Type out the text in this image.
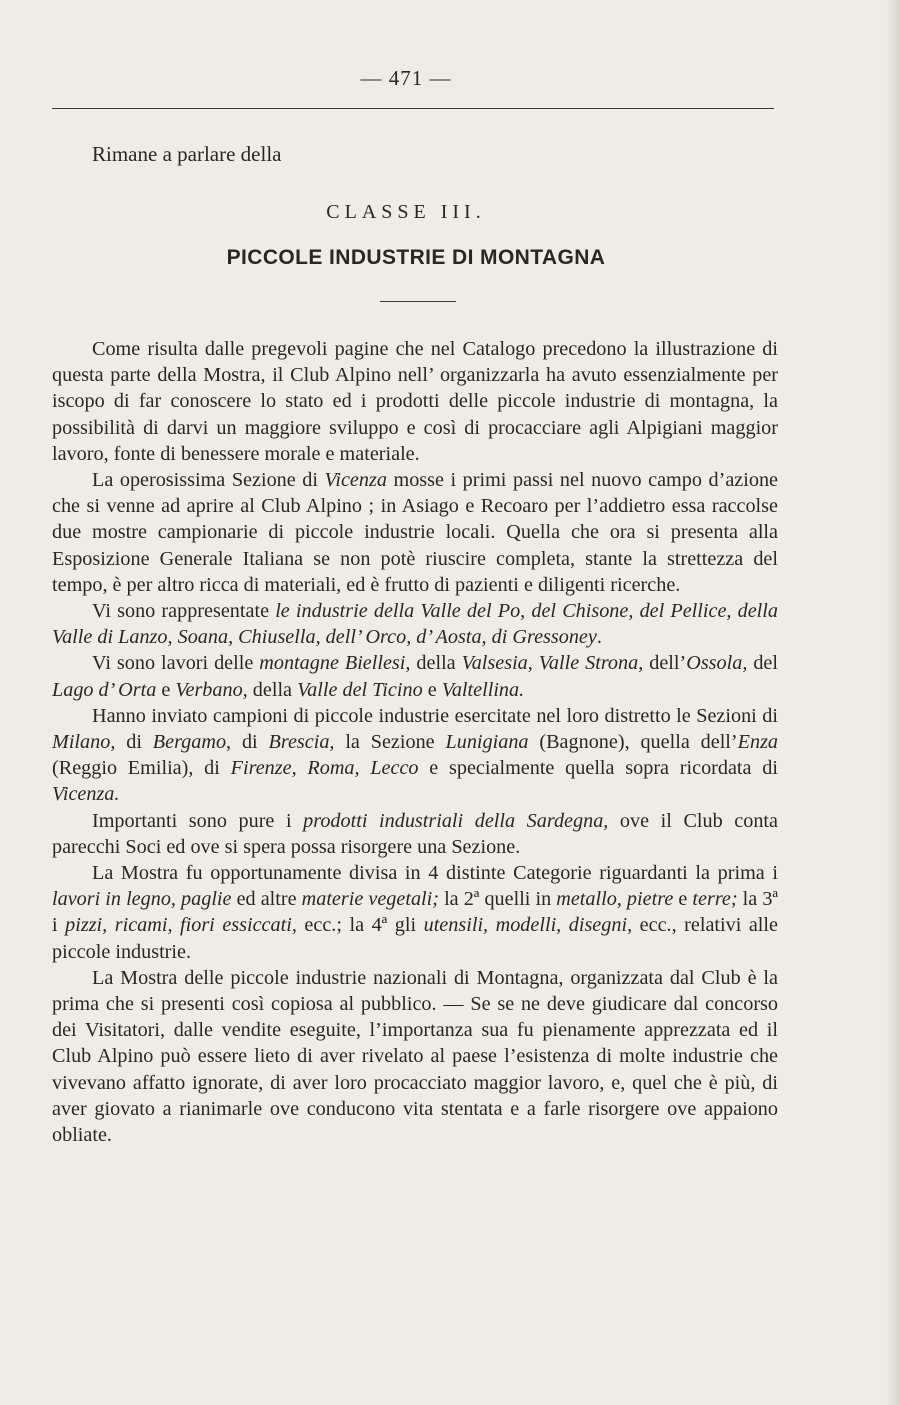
— 471 —
Rimane a parlare della
CLASSE III.
PICCOLE INDUSTRIE DI MONTAGNA

Come risulta dalle pregevoli pagine che nel Catalogo precedono la illustrazione di questa parte della Mostra, il Club Alpino nell’ organizzarla ha avuto essenzialmente per iscopo di far conoscere lo stato ed i prodotti delle piccole industrie di montagna, la possibilità di darvi un maggiore sviluppo e così di procacciare agli Alpigiani maggior lavoro, fonte di benessere morale e materiale.

La operosissima Sezione di Vicenza mosse i primi passi nel nuovo campo d’azione che si venne ad aprire al Club Alpino ; in Asiago e Recoaro per l’addietro essa raccolse due mostre campionarie di piccole industrie locali. Quella che ora si presenta alla Esposizione Generale Italiana se non potè riuscire completa, stante la strettezza del tempo, è per altro ricca di materiali, ed è frutto di pazienti e diligenti ricerche.

Vi sono rappresentate le industrie della Valle del Po, del Chisone, del Pellice, della Valle di Lanzo, Soana, Chiusella, dell’ Orco, d’ Aosta, di Gressoney.

Vi sono lavori delle montagne Biellesi, della Valsesia, Valle Strona, dell’Ossola, del Lago d’ Orta e Verbano, della Valle del Ticino e Valtellina.

Hanno inviato campioni di piccole industrie esercitate nel loro distretto le Sezioni di Milano, di Bergamo, di Brescia, la Sezione Lunigiana (Bagnone), quella dell’Enza (Reggio Emilia), di Firenze, Roma, Lecco e specialmente quella sopra ricordata di Vicenza.

Importanti sono pure i prodotti industriali della Sardegna, ove il Club conta parecchi Soci ed ove si spera possa risorgere una Sezione.

La Mostra fu opportunamente divisa in 4 distinte Categorie riguardanti la prima i lavori in legno, paglie ed altre materie vegetali; la 2ª quelli in metallo, pietre e terre; la 3ª i pizzi, ricami, fiori essiccati, ecc.; la 4ª gli utensili, modelli, disegni, ecc., relativi alle piccole industrie.

La Mostra delle piccole industrie nazionali di Montagna, organizzata dal Club è la prima che si presenti così copiosa al pubblico. — Se se ne deve giudicare dal concorso dei Visitatori, dalle vendite eseguite, l’importanza sua fu pienamente apprezzata ed il Club Alpino può essere lieto di aver rivelato al paese l’esistenza di molte industrie che vivevano affatto ignorate, di aver loro procacciato maggior lavoro, e, quel che è più, di aver giovato a rianimarle ove conducono vita stentata e a farle risorgere ove appaiono obliate.
